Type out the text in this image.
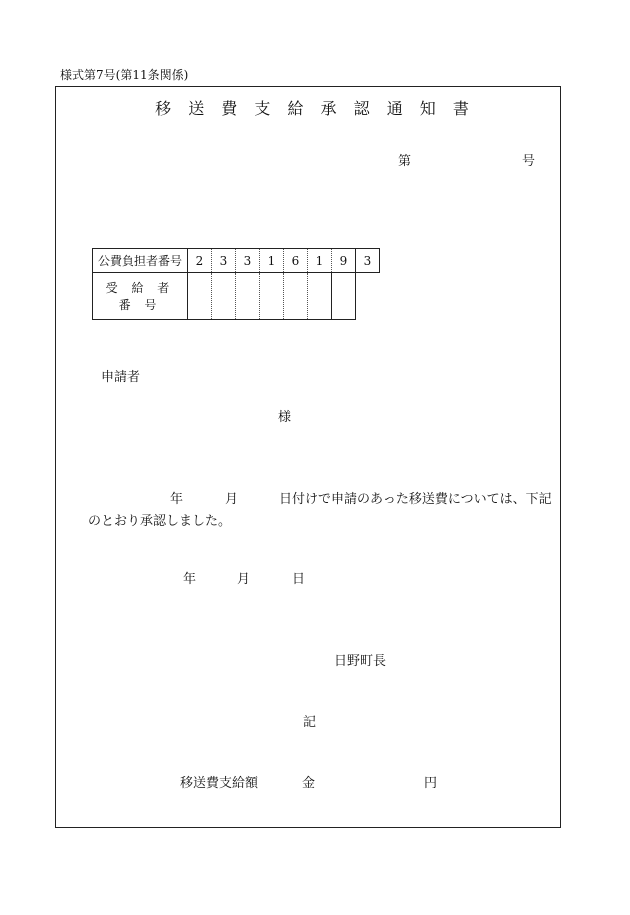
様式第7号(第11条関係)
移 送 費 支 給 承 認 通 知 書
第	号
公費負担者番号	2	3	3	1	6	1	9	3
受 給 者 番 号								
申請者
様
年	月	日付けで申請のあった移送費については、下記
のとおり承認しました。
年	月	日
日野町長
記
移送費支給額	金	円
